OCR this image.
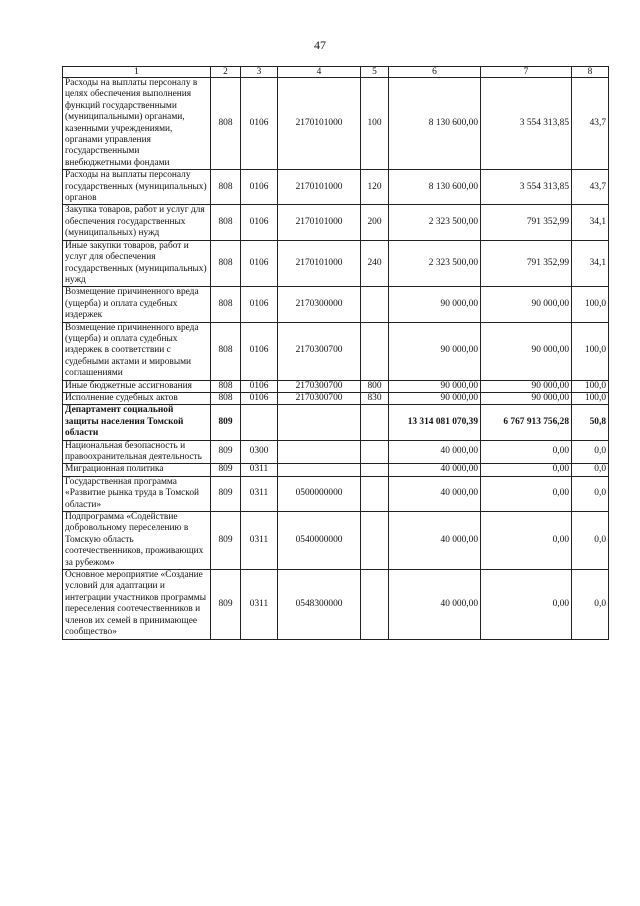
47
1	2	3	4	5	6	7	8
Расходы на выплаты персоналу в целях обеспечения выполнения функций государственными (муниципальными) органами, казенными учреждениями, органами управления государственными внебюджетными фондами	808	0106	2170101000	100	8 130 600,00	3 554 313,85	43,7
Расходы на выплаты персоналу государственных (муниципальных) органов	808	0106	2170101000	120	8 130 600,00	3 554 313,85	43,7
Закупка товаров, работ и услуг для обеспечения государственных (муниципальных) нужд	808	0106	2170101000	200	2 323 500,00	791 352,99	34,1
Иные закупки товаров, работ и услуг для обеспечения государственных (муниципальных) нужд	808	0106	2170101000	240	2 323 500,00	791 352,99	34,1
Возмещение причиненного вреда (ущерба) и оплата судебных издержек	808	0106	2170300000		90 000,00	90 000,00	100,0
Возмещение причиненного вреда (ущерба) и оплата судебных издержек в соответствии с судебными актами и мировыми соглашениями	808	0106	2170300700		90 000,00	90 000,00	100,0
Иные бюджетные ассигнования	808	0106	2170300700	800	90 000,00	90 000,00	100,0
Исполнение судебных актов	808	0106	2170300700	830	90 000,00	90 000,00	100,0
Департамент социальной защиты населения Томской области	809				13 314 081 070,39	6 767 913 756,28	50,8
Национальная безопасность и правоохранительная деятельность	809	0300			40 000,00	0,00	0,0
Миграционная политика	809	0311			40 000,00	0,00	0,0
Государственная программа «Развитие рынка труда в Томской области»	809	0311	0500000000		40 000,00	0,00	0,0
Подпрограмма «Содействие добровольному переселению в Томскую область соотечественников, проживающих за рубежом»	809	0311	0540000000		40 000,00	0,00	0,0
Основное мероприятие «Создание условий для адаптации и интеграции участников программы переселения соотечественников и членов их семей в принимающее сообщество»	809	0311	0548300000		40 000,00	0,00	0,0
